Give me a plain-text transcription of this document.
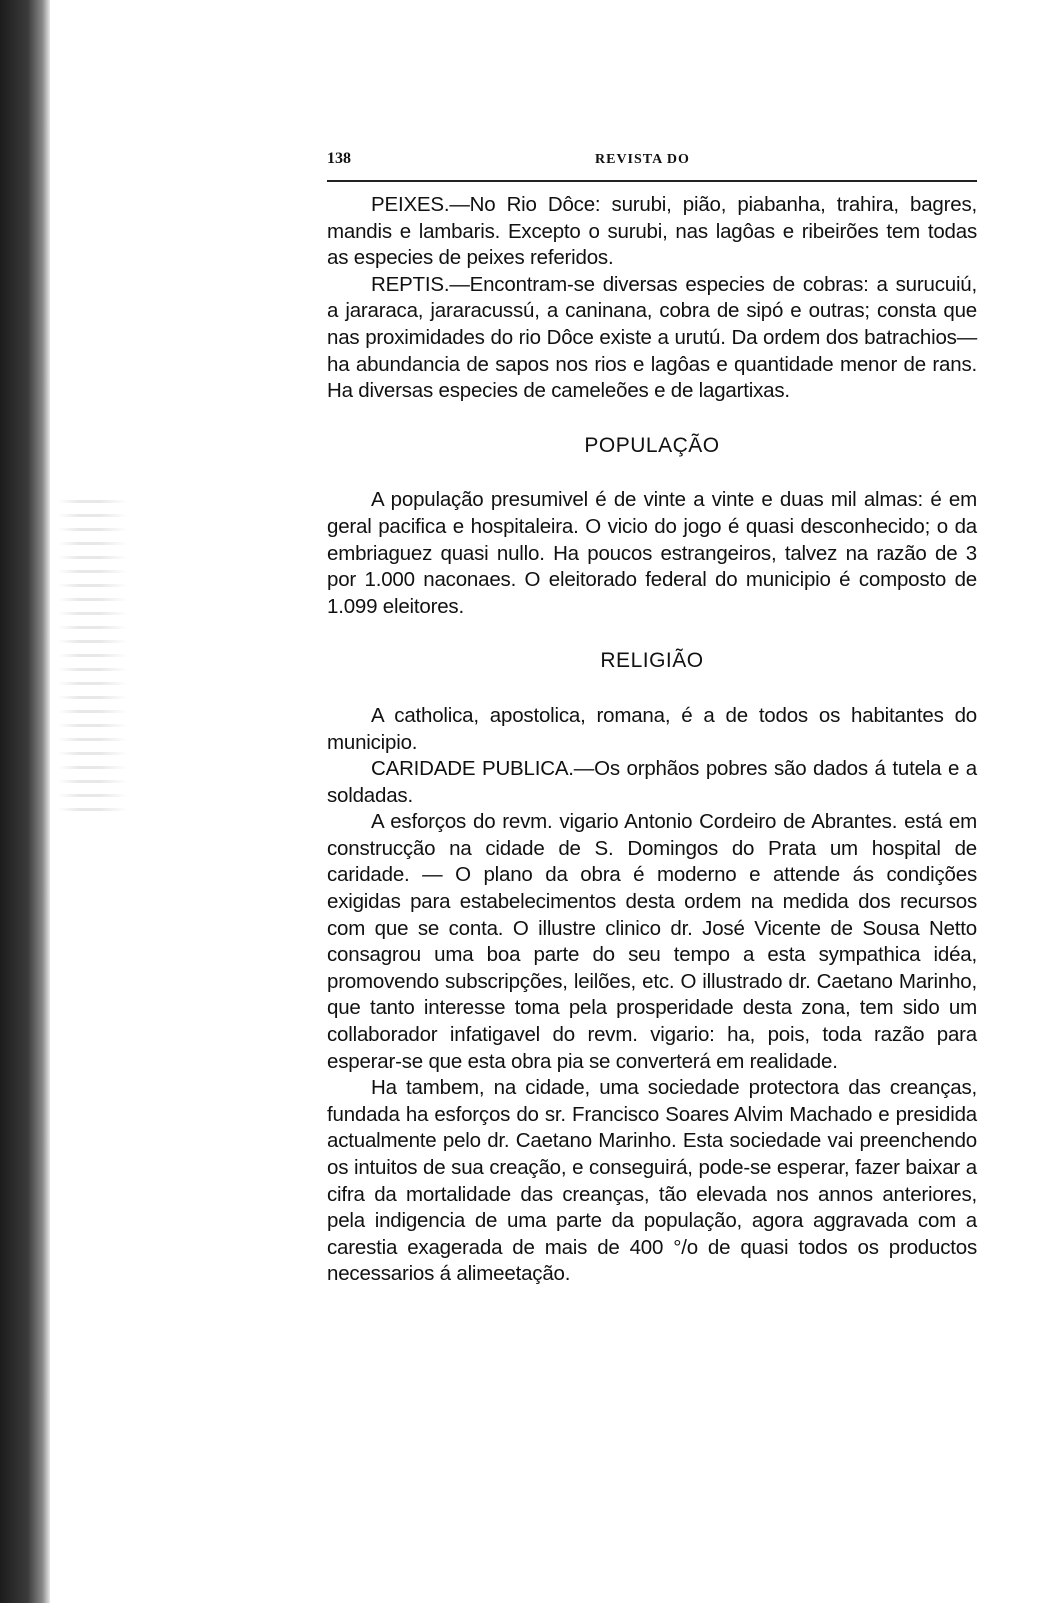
138	REVISTA DO

PEIXES.—No Rio Dôce: surubi, pião, piabanha, trahira, bagres, mandis e lambaris. Excepto o surubi, nas lagôas e ribeirões tem todas as especies de peixes referidos.

REPTIS.—Encontram-se diversas especies de cobras: a surucuiú, a jararaca, jararacussú, a caninana, cobra de sipó e outras; consta que nas proximidades do rio Dôce existe a urutú. Da ordem dos batrachios—ha abundancia de sapos nos rios e lagôas e quantidade menor de rans. Ha diversas especies de cameleões e de lagartixas.

POPULAÇÃO

A população presumivel é de vinte a vinte e duas mil almas: é em geral pacifica e hospitaleira. O vicio do jogo é quasi desconhecido; o da embriaguez quasi nullo. Ha poucos estrangeiros, talvez na razão de 3 por 1.000 naconaes. O eleitorado federal do municipio é composto de 1.099 eleitores.

RELIGIÃO

A catholica, apostolica, romana, é a de todos os habitantes do municipio.

CARIDADE PUBLICA.—Os orphãos pobres são dados á tutela e a soldadas.

A esforços do revm. vigario Antonio Cordeiro de Abrantes. está em construcção na cidade de S. Domingos do Prata um hospital de caridade. — O plano da obra é moderno e attende ás condições exigidas para estabelecimentos desta ordem na medida dos recursos com que se conta. O illustre clinico dr. José Vicente de Sousa Netto consagrou uma boa parte do seu tempo a esta sympathica idéa, promovendo subscripções, leilões, etc. O illustrado dr. Caetano Marinho, que tanto interesse toma pela prosperidade desta zona, tem sido um collaborador infatigavel do revm. vigario: ha, pois, toda razão para esperar-se que esta obra pia se converterá em realidade.

Ha tambem, na cidade, uma sociedade protectora das creanças, fundada ha esforços do sr. Francisco Soares Alvim Machado e presidida actualmente pelo dr. Caetano Marinho. Esta sociedade vai preenchendo os intuitos de sua creação, e conseguirá, pode-se esperar, fazer baixar a cifra da mortalidade das creanças, tão elevada nos annos anteriores, pela indigencia de uma parte da população, agora aggravada com a carestia exagerada de mais de 400 °/o de quasi todos os productos necessarios á alimeetação.
